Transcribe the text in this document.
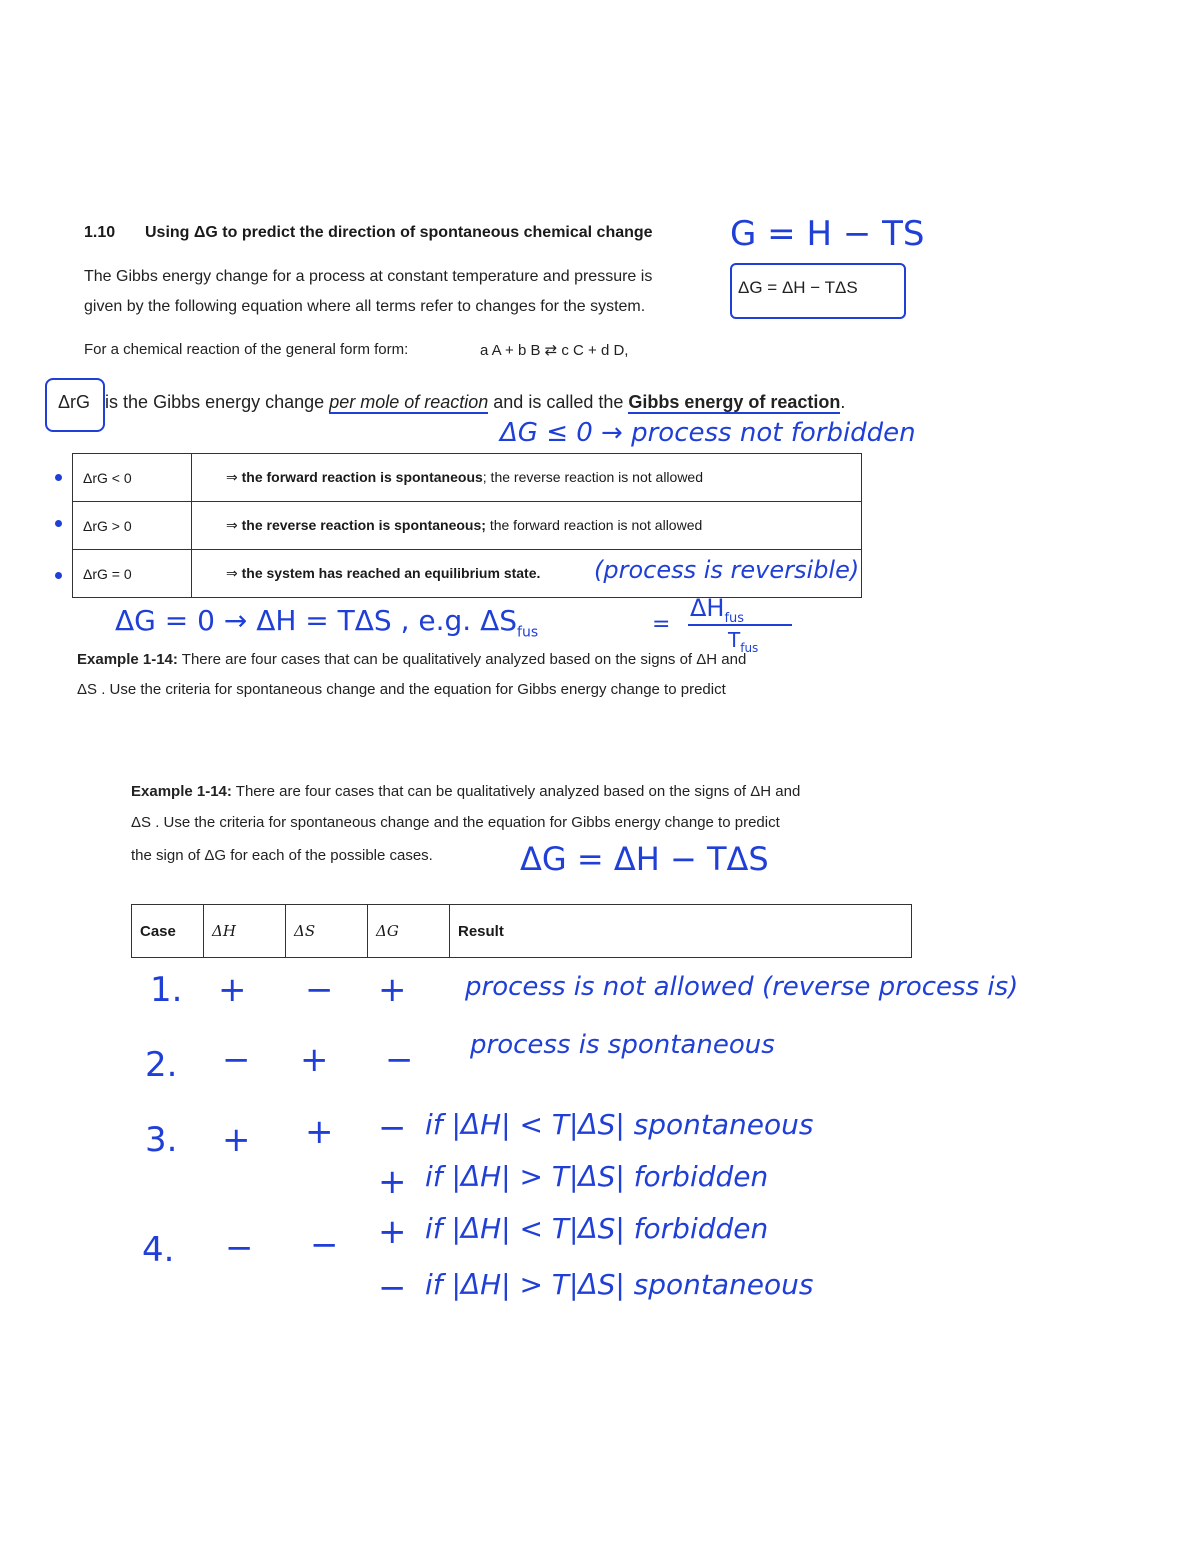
1.10 Using ΔG to predict the direction of spontaneous chemical change G = H − TS
The Gibbs energy change for a process at constant temperature and pressure is
given by the following equation where all terms refer to changes for the system.
ΔG = ΔH − TΔS
For a chemical reaction of the general form form:	a A + b B ⇄ c C + d D,
ΔrG is the Gibbs energy change per mole of reaction and is called the Gibbs energy of reaction.
ΔG ≤ 0 → process not forbidden
ΔrG < 0	⇒ the forward reaction is spontaneous; the reverse reaction is not allowed
ΔrG > 0	⇒ the reverse reaction is spontaneous; the forward reaction is not allowed
ΔrG = 0	⇒ the system has reached an equilibrium state. (process is reversible)
ΔG = 0 → ΔH = TΔS , e.g. $\Delta S_{fus}$	=
$\Delta H_{fus}$
$T_{fus}$
Example 1-14: There are four cases that can be qualitatively analyzed based on the signs of ΔH and
ΔS . Use the criteria for spontaneous change and the equation for Gibbs energy change to predict
Example 1-14: There are four cases that can be qualitatively analyzed based on the signs of ΔH and
ΔS . Use the criteria for spontaneous change and the equation for Gibbs energy change to predict
the sign of ΔG for each of the possible cases.	ΔG = ΔH − TΔS
Case	ΔH	ΔS	ΔG	Result
1. + − + process is not allowed (reverse process is)
2. − + − process is spontaneous
3. + + − if |ΔH| < T|ΔS| spontaneous
+ if |ΔH| > T|ΔS| forbidden
4. − − + if |ΔH| < T|ΔS| forbidden
− if |ΔH| > T|ΔS| spontaneous
